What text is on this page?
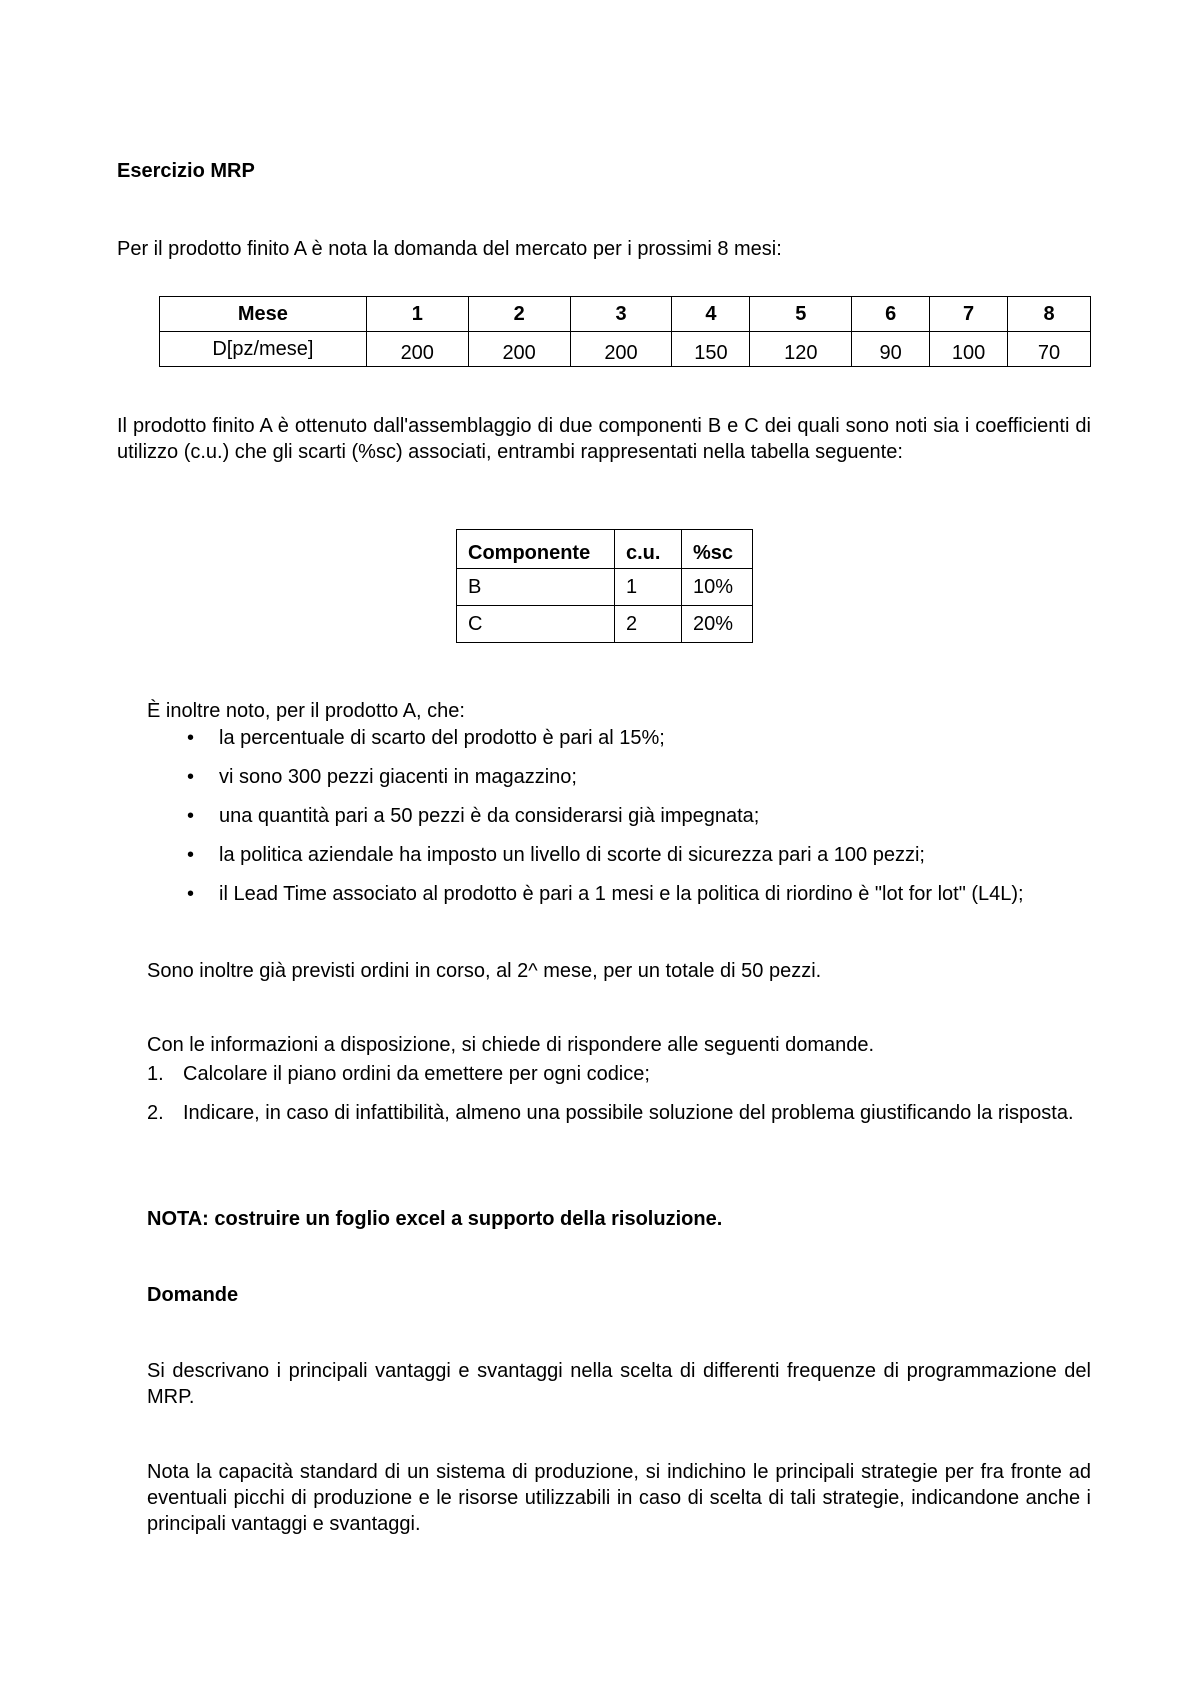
Esercizio MRP
Per il prodotto finito A è nota la domanda del mercato per i prossimi 8 mesi:
Mese	1	2	3	4	5	6	7	8
D[pz/mese]	200	200	200	150	120	90	100	70
Il prodotto finito A è ottenuto dall'assemblaggio di due componenti B e C dei quali sono noti sia i coefficienti di utilizzo (c.u.) che gli scarti (%sc) associati, entrambi rappresentati nella tabella seguente:
Componente	c.u.	%sc
B	1	10%
C	2	20%
È inoltre noto, per il prodotto A, che:
• la percentuale di scarto del prodotto è pari al 15%;
• vi sono 300 pezzi giacenti in magazzino;
• una quantità pari a 50 pezzi è da considerarsi già impegnata;
• la politica aziendale ha imposto un livello di scorte di sicurezza pari a 100 pezzi;
• il Lead Time associato al prodotto è pari a 1 mesi e la politica di riordino è "lot for lot" (L4L);
Sono inoltre già previsti ordini in corso, al 2^ mese, per un totale di 50 pezzi.
Con le informazioni a disposizione, si chiede di rispondere alle seguenti domande.
1. Calcolare il piano ordini da emettere per ogni codice;
2. Indicare, in caso di infattibilità, almeno una possibile soluzione del problema giustificando la risposta.
NOTA: costruire un foglio excel a supporto della risoluzione.
Domande
Si descrivano i principali vantaggi e svantaggi nella scelta di differenti frequenze di programmazione del MRP.
Nota la capacità standard di un sistema di produzione, si indichino le principali strategie per fra fronte ad eventuali picchi di produzione e le risorse utilizzabili in caso di scelta di tali strategie, indicandone anche i principali vantaggi e svantaggi.
